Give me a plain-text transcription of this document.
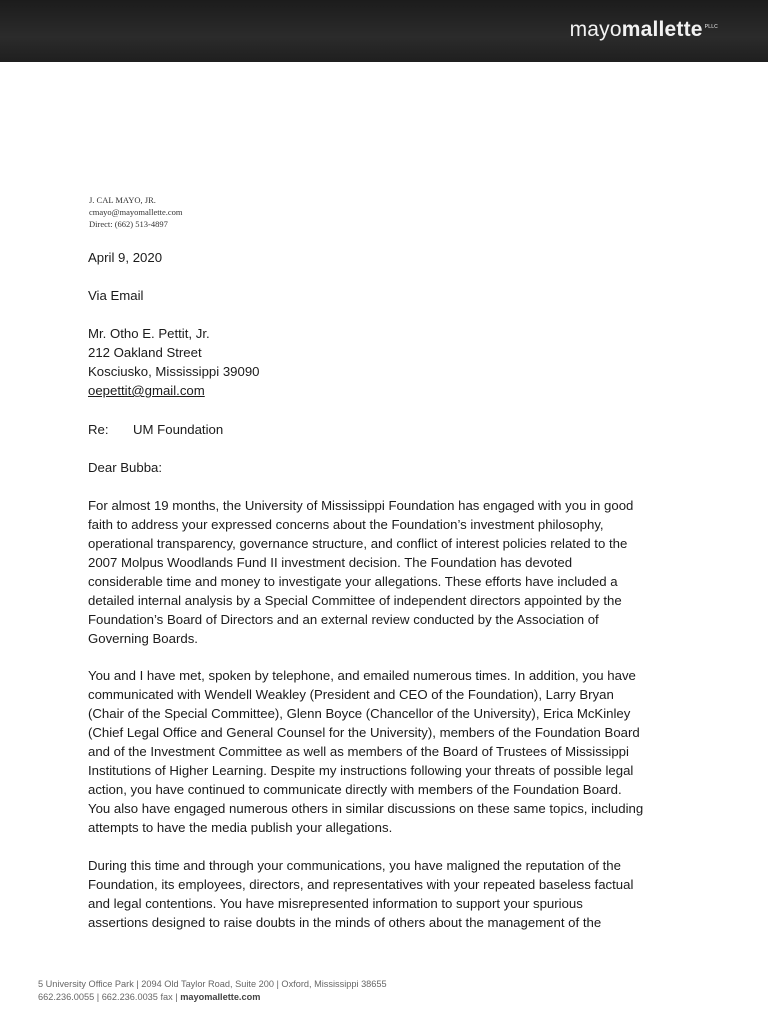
mayomallette $^{PLLC}$
J. CAL MAYO, JR.
cmayo@mayomallette.com
Direct: (662) 513-4897
April 9, 2020
Via Email
Mr. Otho E. Pettit, Jr.
212 Oakland Street
Kosciusko, Mississippi 39090
oepettit@gmail.com
Re: UM Foundation
Dear Bubba:
For almost 19 months, the University of Mississippi Foundation has engaged with you in good
faith to address your expressed concerns about the Foundation’s investment philosophy,
operational transparency, governance structure, and conflict of interest policies related to the
2007 Molpus Woodlands Fund II investment decision. The Foundation has devoted
considerable time and money to investigate your allegations. These efforts have included a
detailed internal analysis by a Special Committee of independent directors appointed by the
Foundation’s Board of Directors and an external review conducted by the Association of
Governing Boards.
You and I have met, spoken by telephone, and emailed numerous times. In addition, you have
communicated with Wendell Weakley (President and CEO of the Foundation), Larry Bryan
(Chair of the Special Committee), Glenn Boyce (Chancellor of the University), Erica McKinley
(Chief Legal Office and General Counsel for the University), members of the Foundation Board
and of the Investment Committee as well as members of the Board of Trustees of Mississippi
Institutions of Higher Learning. Despite my instructions following your threats of possible legal
action, you have continued to communicate directly with members of the Foundation Board.
You also have engaged numerous others in similar discussions on these same topics, including
attempts to have the media publish your allegations.
During this time and through your communications, you have maligned the reputation of the
Foundation, its employees, directors, and representatives with your repeated baseless factual
and legal contentions. You have misrepresented information to support your spurious
assertions designed to raise doubts in the minds of others about the management of the
5 University Office Park | 2094 Old Taylor Road, Suite 200 | Oxford, Mississippi 38655
662.236.0055 | 662.236.0035 fax | mayomallette.com
